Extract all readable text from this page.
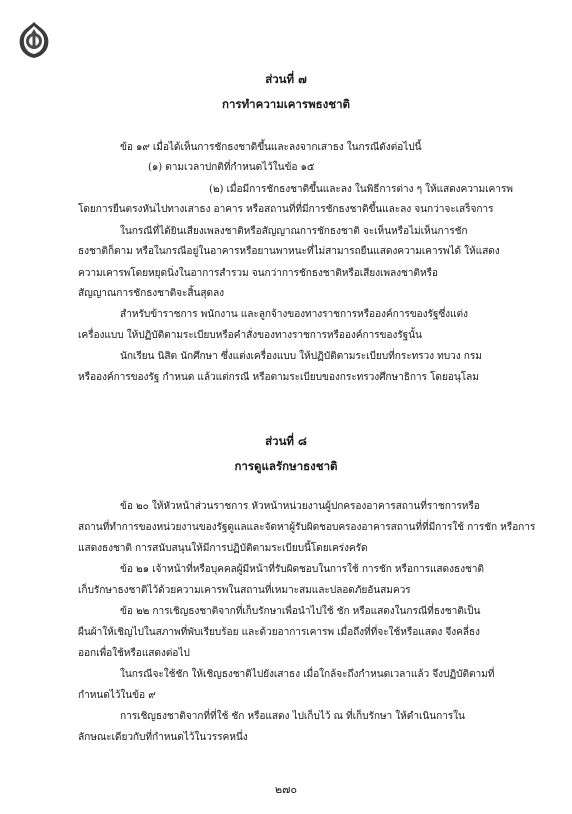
ส่วนที่ ๗
การทำความเคารพธงชาติ
ข้อ ๑๙ เมื่อได้เห็นการชักธงชาติขึ้นและลงจากเสาธง ในกรณีดังต่อไปนี้
(๑) ตามเวลาปกติที่กำหนดไว้ในข้อ ๑๕
(๒) เมื่อมีการชักธงชาติขึ้นและลง ในพิธีการต่าง ๆ ให้แสดงความเคารพ
โดยการยืนตรงหันไปทางเสาธง อาคาร หรือสถานที่ที่มีการชักธงชาติขึ้นและลง จนกว่าจะเสร็จการ
ในกรณีที่ได้ยินเสียงเพลงชาติหรือสัญญาณการชักธงชาติ จะเห็นหรือไม่เห็นการชัก
ธงชาติก็ตาม หรือในกรณีอยู่ในอาคารหรือยานพาหนะที่ไม่สามารถยืนแสดงความเคารพได้ ให้แสดง
ความเคารพโดยหยุดนิ่งในอาการสำรวม จนกว่าการชักธงชาติหรือเสียงเพลงชาติหรือ
สัญญาณการชักธงชาติจะสิ้นสุดลง
สำหรับข้าราชการ พนักงาน และลูกจ้างของทางราชการหรือองค์การของรัฐซึ่งแต่ง
เครื่องแบบ ให้ปฏิบัติตามระเบียบหรือคำสั่งของทางราชการหรือองค์การของรัฐนั้น
นักเรียน นิสิต นักศึกษา ซึ่งแต่งเครื่องแบบ ให้ปฏิบัติตามระเบียบที่กระทรวง ทบวง กรม
หรือองค์การของรัฐ กำหนด แล้วแต่กรณี หรือตามระเบียบของกระทรวงศึกษาธิการ โดยอนุโลม
ส่วนที่ ๘
การดูแลรักษาธงชาติ
ข้อ ๒๐ ให้หัวหน้าส่วนราชการ หัวหน้าหน่วยงานผู้ปกครองอาคารสถานที่ราชการหรือ
สถานที่ทำการของหน่วยงานของรัฐดูแลและจัดหาผู้รับผิดชอบครองอาคารสถานที่ที่มีการใช้ การชัก หรือการ
แสดงธงชาติ การสนับสนุนให้มีการปฏิบัติตามระเบียบนี้โดยเคร่งครัด
ข้อ ๒๑ เจ้าหน้าที่หรือบุคคลผู้มีหน้าที่รับผิดชอบในการใช้ การชัก หรือการแสดงธงชาติ
เก็บรักษาธงชาติไว้ด้วยความเคารพในสถานที่เหมาะสมและปลอดภัยอันสมควร
ข้อ ๒๒ การเชิญธงชาติจากที่เก็บรักษาเพื่อนำไปใช้ ชัก หรือแสดงในกรณีที่ธงชาติเป็น
ผืนผ้าให้เชิญไปในสภาพที่พับเรียบร้อย และด้วยอาการเคารพ เมื่อถึงที่ที่จะใช้หรือแสดง จึงคลี่ธง
ออกเพื่อใช้หรือแสดงต่อไป
ในกรณีจะใช้ชัก ให้เชิญธงชาติไปยังเสาธง เมื่อใกล้จะถึงกำหนดเวลาแล้ว จึงปฏิบัติตามที่
กำหนดไว้ในข้อ ๙
การเชิญธงชาติจากที่ที่ใช้ ชัก หรือแสดง ไปเก็บไว้ ณ ที่เก็บรักษา ให้ดำเนินการใน
ลักษณะเดียวกับที่กำหนดไว้ในวรรคหนึ่ง
๒๗๐
